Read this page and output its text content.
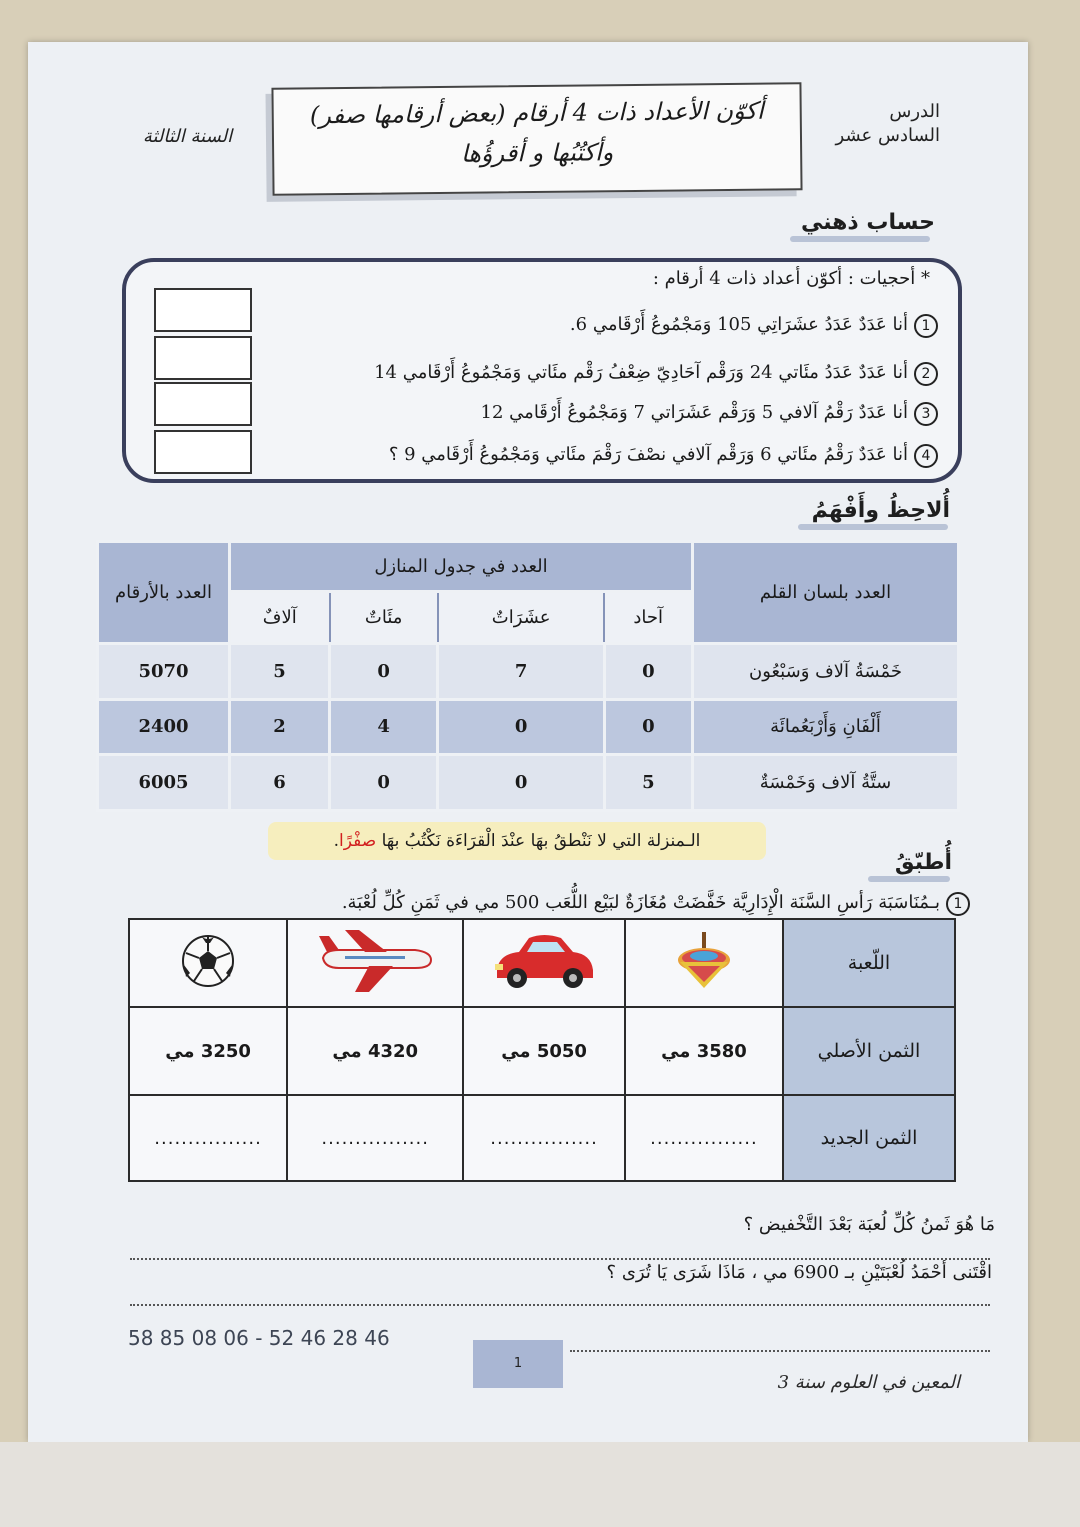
الدرس
السادس عشر
السنة الثالثة
أكوّن الأعداد ذات 4 أرقام (بعض أرقامها صفر)
وأكتُبُها و أقرؤُها
حساب ذهني
* أحجيات : أكوّن أعداد ذات 4 أرقام :
1أنا عَدَدٌ عَدَدُ عشَرَاتِي 105 وَمَجْمُوعُ أَرْقَامي 6.
2أنا عَدَدٌ عَدَدُ مئَاتي 24 وَرَقْم آحَادِيّ ضِعْفُ رَقْم مئَاتي وَمَجْمُوعُ أَرْقَامي 14
3أنا عَدَدٌ رَقْمُ آلافي 5 وَرَقْم عَشَرَاتي 7 وَمَجْمُوعُ أَرْقَامي 12
4أنا عَدَدٌ رَقْمُ مئَاتي 6 وَرَقْم آلافي نصْفَ رَقْمَ مئَاتي وَمَجْمُوعُ أَرْقَامي 9 ؟
أُلاحِظُ وأَفْهَمُ
العدد بلسان القلم	العدد في جدول المنازل				العدد بالأرقام
	آحاد	عشَرَاتٌ	مئَاتٌ	آلافٌ	
خَمْسَةُ آلاف وَسَبْعُون	0	7	0	5	5070
أَلْفَانِ وَأَرْبَعُمائَة	0	0	4	2	2400
ستَّةُ آلاف وَخَمْسَةٌ	5	0	0	6	6005
الـمنزلة التي لا نَنْطقُ بهَا عنْدَ الْقرَاءَة نَكْتُبُ بهَا صفْرًا.
أُطبّقُ
1بـمُنَاسَبَة رَأسِ السَّنَة الْإِدَارِيَّة خَفَّضَتْ مُغَازَةٌ لبَيْع اللُّعَب 500 مي في ثَمَنِ كُلِّ لُعْبَة.
اللّعبة				
الثمن الأصلي	3580 مي	5050 مي	4320 مي	3250 مي
الثمن الجديد	................	................	................	................
مَا هُوَ ثَمنُ كُلِّ لُعبَة بَعْدَ التَّخْفيض ؟
اقْتَنى أحْمَدُ لُعْبَتَيْنِ بـ 6900 مي ، مَاذَا شَرَى يَا تُرَى ؟
58 85 08 06 - 52 46 28 46
1
المعين في العلوم سنة 3
